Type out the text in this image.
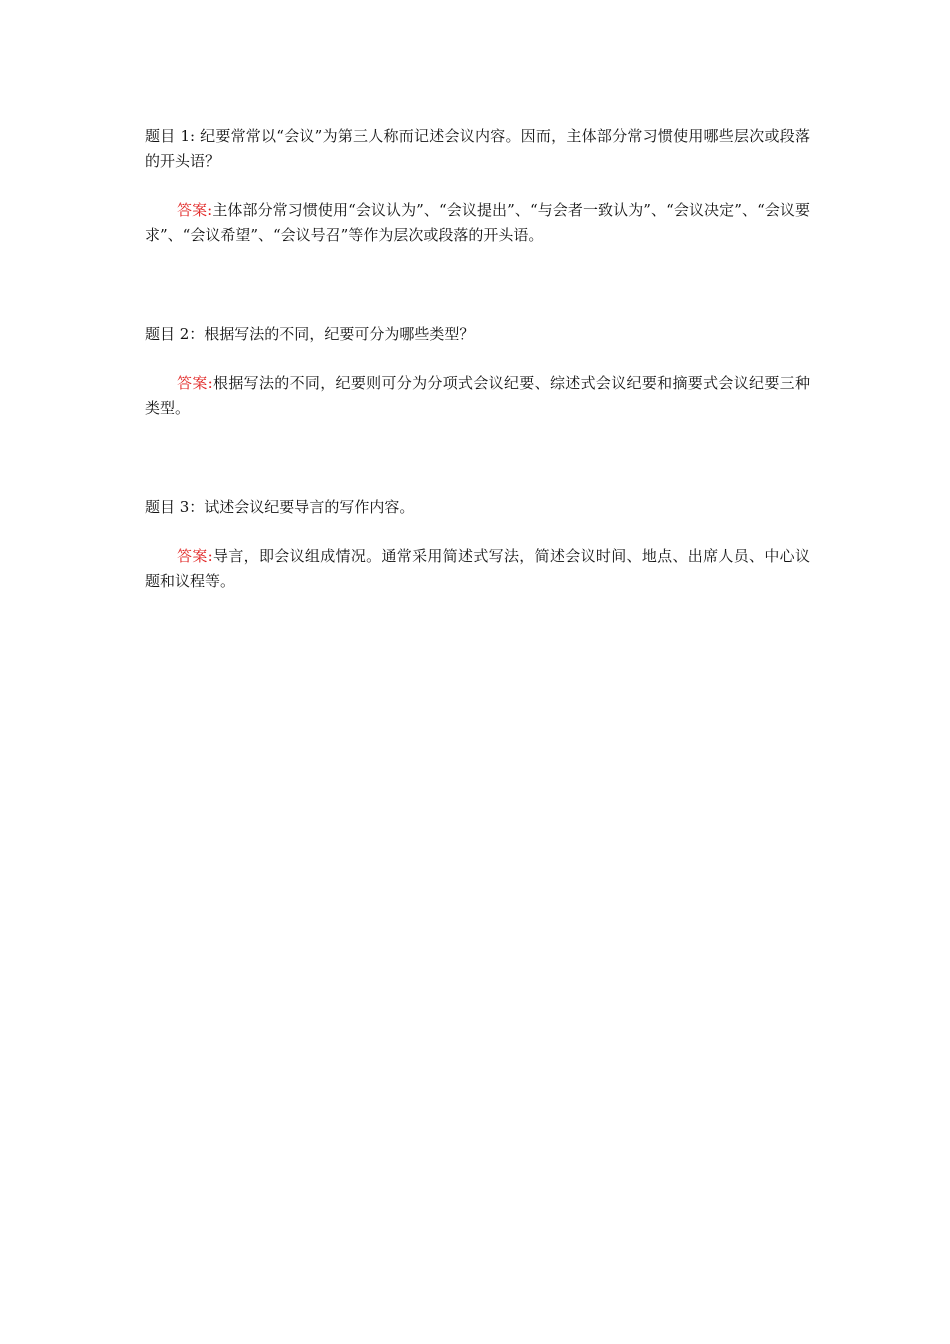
题目 1: 纪要常常以“会议”为第三人称而记述会议内容。因而，主体部分常习惯使用哪些层次或段落的开头语？

答案:主体部分常习惯使用“会议认为”、“会议提出”、“与会者一致认为”、“会议决定”、“会议要求”、“会议希望”、“会议号召”等作为层次或段落的开头语。

题目 2：根据写法的不同，纪要可分为哪些类型？

答案:根据写法的不同，纪要则可分为分项式会议纪要、综述式会议纪要和摘要式会议纪要三种类型。

题目 3：试述会议纪要导言的写作内容。

答案:导言，即会议组成情况。通常采用简述式写法，简述会议时间、地点、出席人员、中心议题和议程等。
